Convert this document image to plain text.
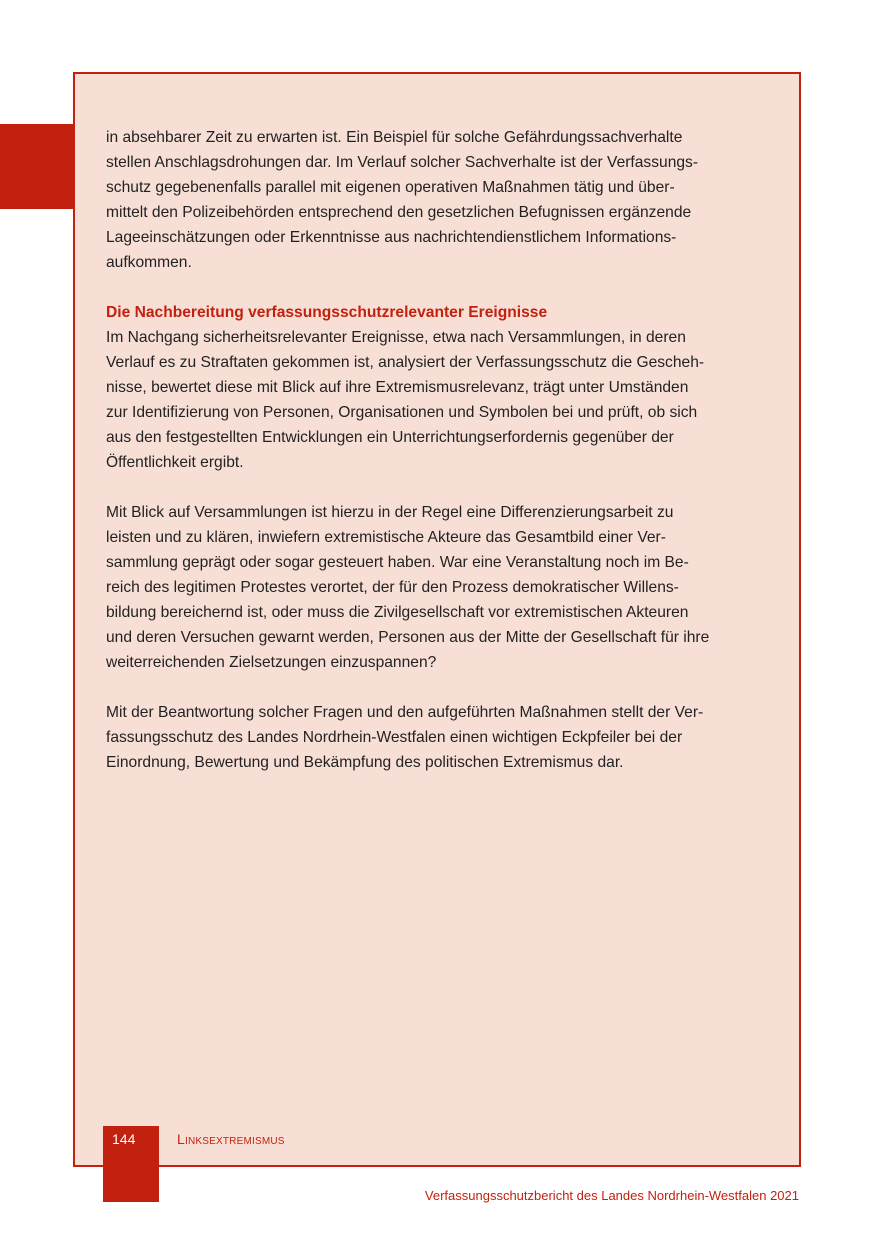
in absehbarer Zeit zu erwarten ist. Ein Beispiel für solche Gefährdungssachverhalte
stellen Anschlagsdrohungen dar. Im Verlauf solcher Sachverhalte ist der Verfassungs-
schutz gegebenenfalls parallel mit eigenen operativen Maßnahmen tätig und über-
mittelt den Polizeibehörden entsprechend den gesetzlichen Befugnissen ergänzende
Lageeinschätzungen oder Erkenntnisse aus nachrichtendienstlichem Informations-
aufkommen.

Die Nachbereitung verfassungsschutzrelevanter Ereignisse

Im Nachgang sicherheitsrelevanter Ereignisse, etwa nach Versammlungen, in deren
Verlauf es zu Straftaten gekommen ist, analysiert der Verfassungsschutz die Gescheh-
nisse, bewertet diese mit Blick auf ihre Extremismusrelevanz, trägt unter Umständen
zur Identifizierung von Personen, Organisationen und Symbolen bei und prüft, ob sich
aus den festgestellten Entwicklungen ein Unterrichtungserfordernis gegenüber der
Öffentlichkeit ergibt.

Mit Blick auf Versammlungen ist hierzu in der Regel eine Differenzierungsarbeit zu
leisten und zu klären, inwiefern extremistische Akteure das Gesamtbild einer Ver-
sammlung geprägt oder sogar gesteuert haben. War eine Veranstaltung noch im Be-
reich des legitimen Protestes verortet, der für den Prozess demokratischer Willens-
bildung bereichernd ist, oder muss die Zivilgesellschaft vor extremistischen Akteuren
und deren Versuchen gewarnt werden, Personen aus der Mitte der Gesellschaft für ihre
weiterreichenden Zielsetzungen einzuspannen?

Mit der Beantwortung solcher Fragen und den aufgeführten Maßnahmen stellt der Ver-
fassungsschutz des Landes Nordrhein-Westfalen einen wichtigen Eckpfeiler bei der
Einordnung, Bewertung und Bekämpfung des politischen Extremismus dar.

144	Linksextremismus
Verfassungsschutzbericht des Landes Nordrhein-Westfalen 2021
